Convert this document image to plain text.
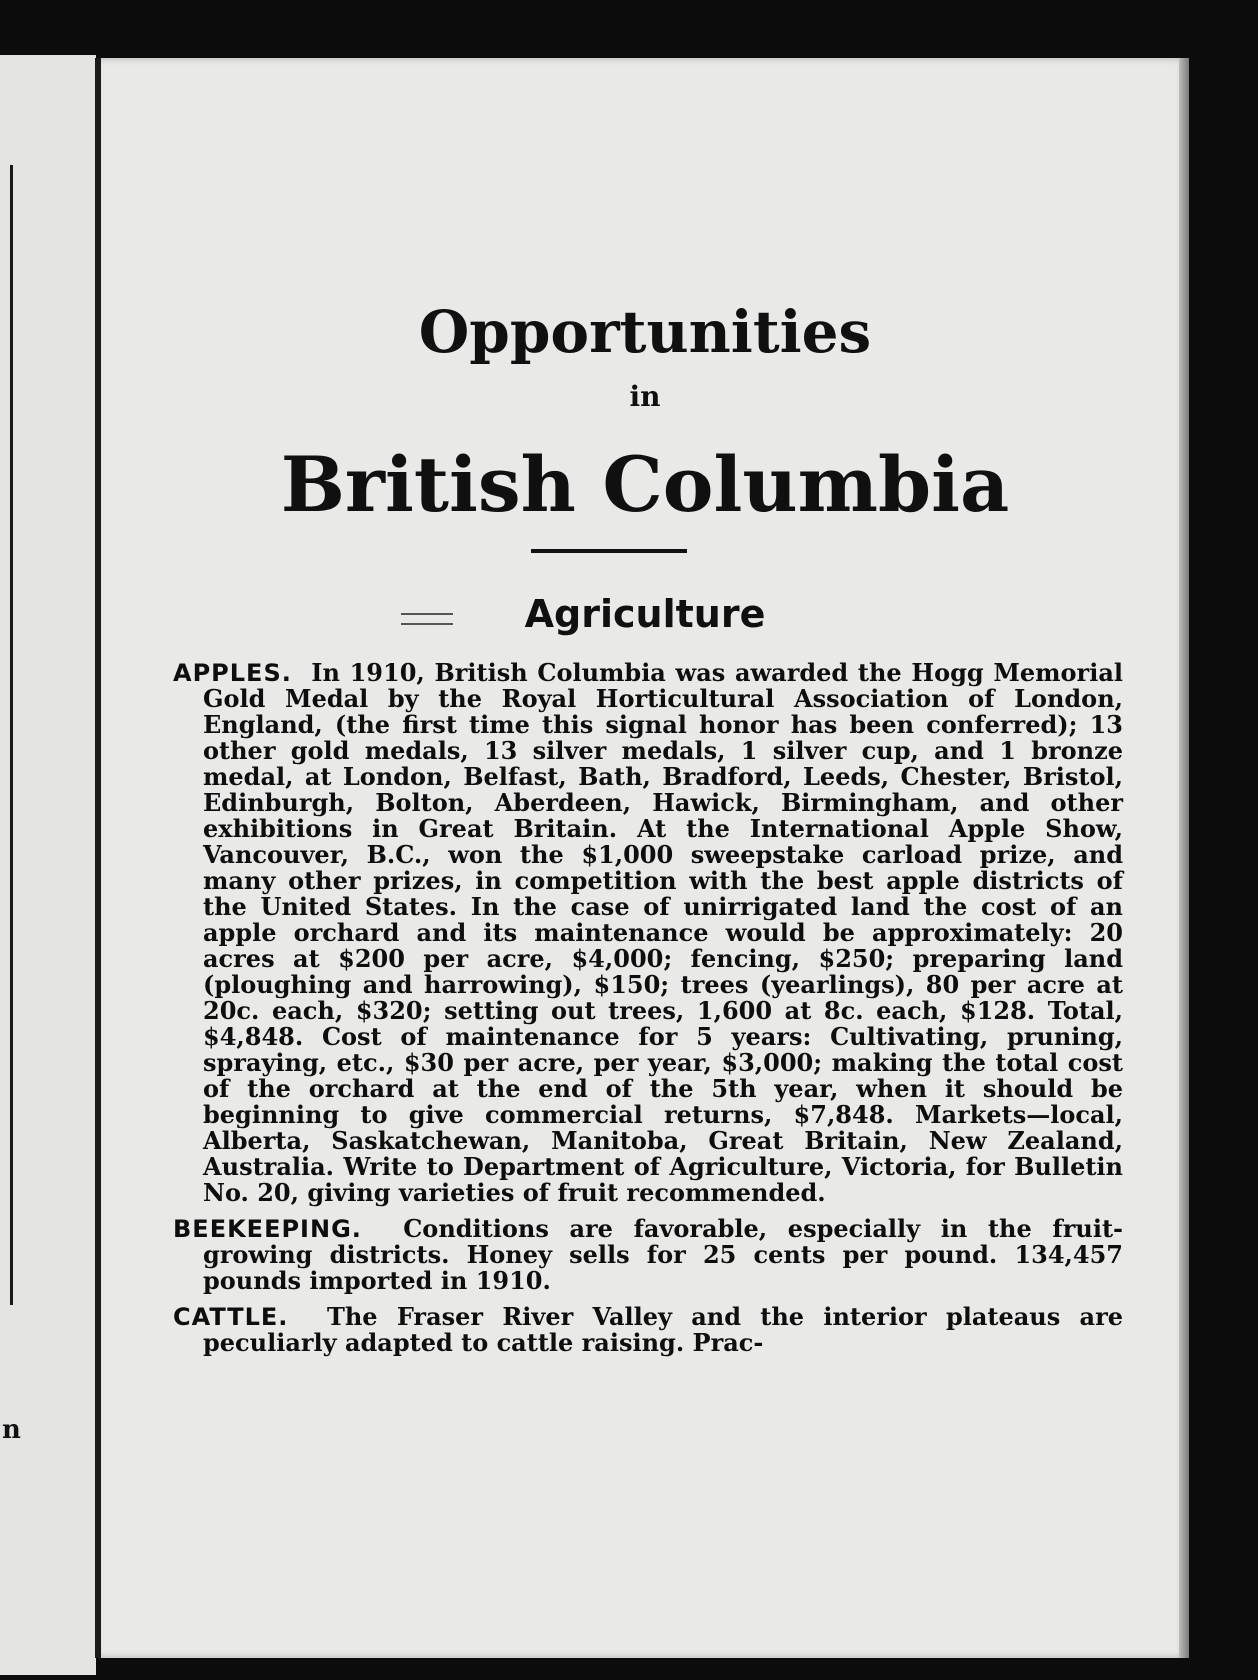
n
Opportunities
in
British Columbia
Agriculture

APPLES. In 1910, British Columbia was awarded the Hogg Memorial Gold Medal by the Royal Horticultural Association of London, England, (the first time this signal honor has been conferred); 13 other gold medals, 13 silver medals, 1 silver cup, and 1 bronze medal, at London, Belfast, Bath, Bradford, Leeds, Chester, Bristol, Edinburgh, Bolton, Aberdeen, Hawick, Birmingham, and other exhibitions in Great Britain. At the International Apple Show, Vancouver, B.C., won the $1,000 sweepstake carload prize, and many other prizes, in competition with the best apple districts of the United States. In the case of unirrigated land the cost of an apple orchard and its maintenance would be approximately: 20 acres at $200 per acre, $4,000; fencing, $250; preparing land (ploughing and harrowing), $150; trees (yearlings), 80 per acre at 20c. each, $320; setting out trees, 1,600 at 8c. each, $128. Total, $4,848. Cost of maintenance for 5 years: Cultivating, pruning, spraying, etc., $30 per acre, per year, $3,000; making the total cost of the orchard at the end of the 5th year, when it should be beginning to give commercial returns, $7,848. Markets—local, Alberta, Saskatchewan, Manitoba, Great Britain, New Zealand, Australia. Write to Department of Agriculture, Victoria, for Bulletin No. 20, giving varieties of fruit recommended.

BEEKEEPING. Conditions are favorable, especially in the fruit-growing districts. Honey sells for 25 cents per pound. 134,457 pounds imported in 1910.

CATTLE. The Fraser River Valley and the interior plateaus are peculiarly adapted to cattle raising. Prac-
